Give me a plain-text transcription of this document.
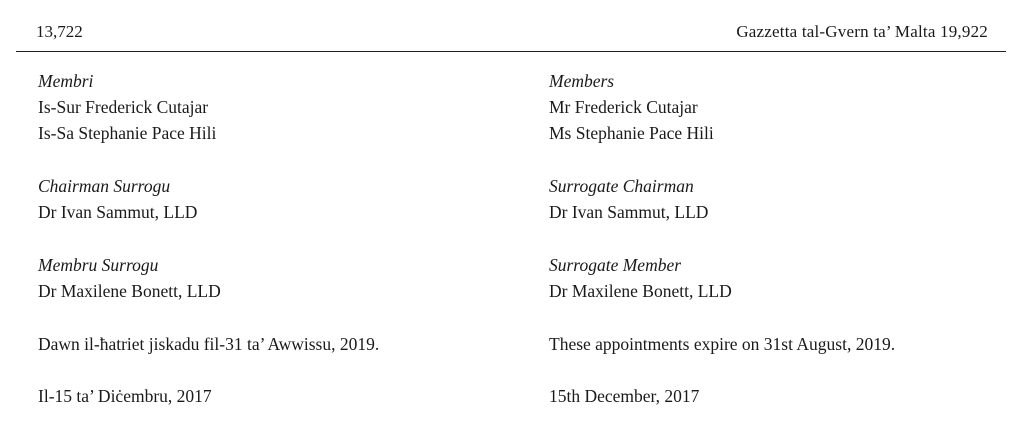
13,722	Gazzetta tal-Gvern ta’ Malta 19,922
Membri
Is-Sur Frederick Cutajar
Is-Sa Stephanie Pace Hili
Chairman Surrogu
Dr Ivan Sammut, LLD
Membru Surrogu
Dr Maxilene Bonett, LLD
Dawn il-ħatriet jiskadu fil-31 ta’ Awwissu, 2019.
Il-15 ta’ Diċembru, 2017
Members
Mr Frederick Cutajar
Ms Stephanie Pace Hili
Surrogate Chairman
Dr Ivan Sammut, LLD
Surrogate Member
Dr Maxilene Bonett, LLD
These appointments expire on 31st August, 2019.
15th December, 2017
